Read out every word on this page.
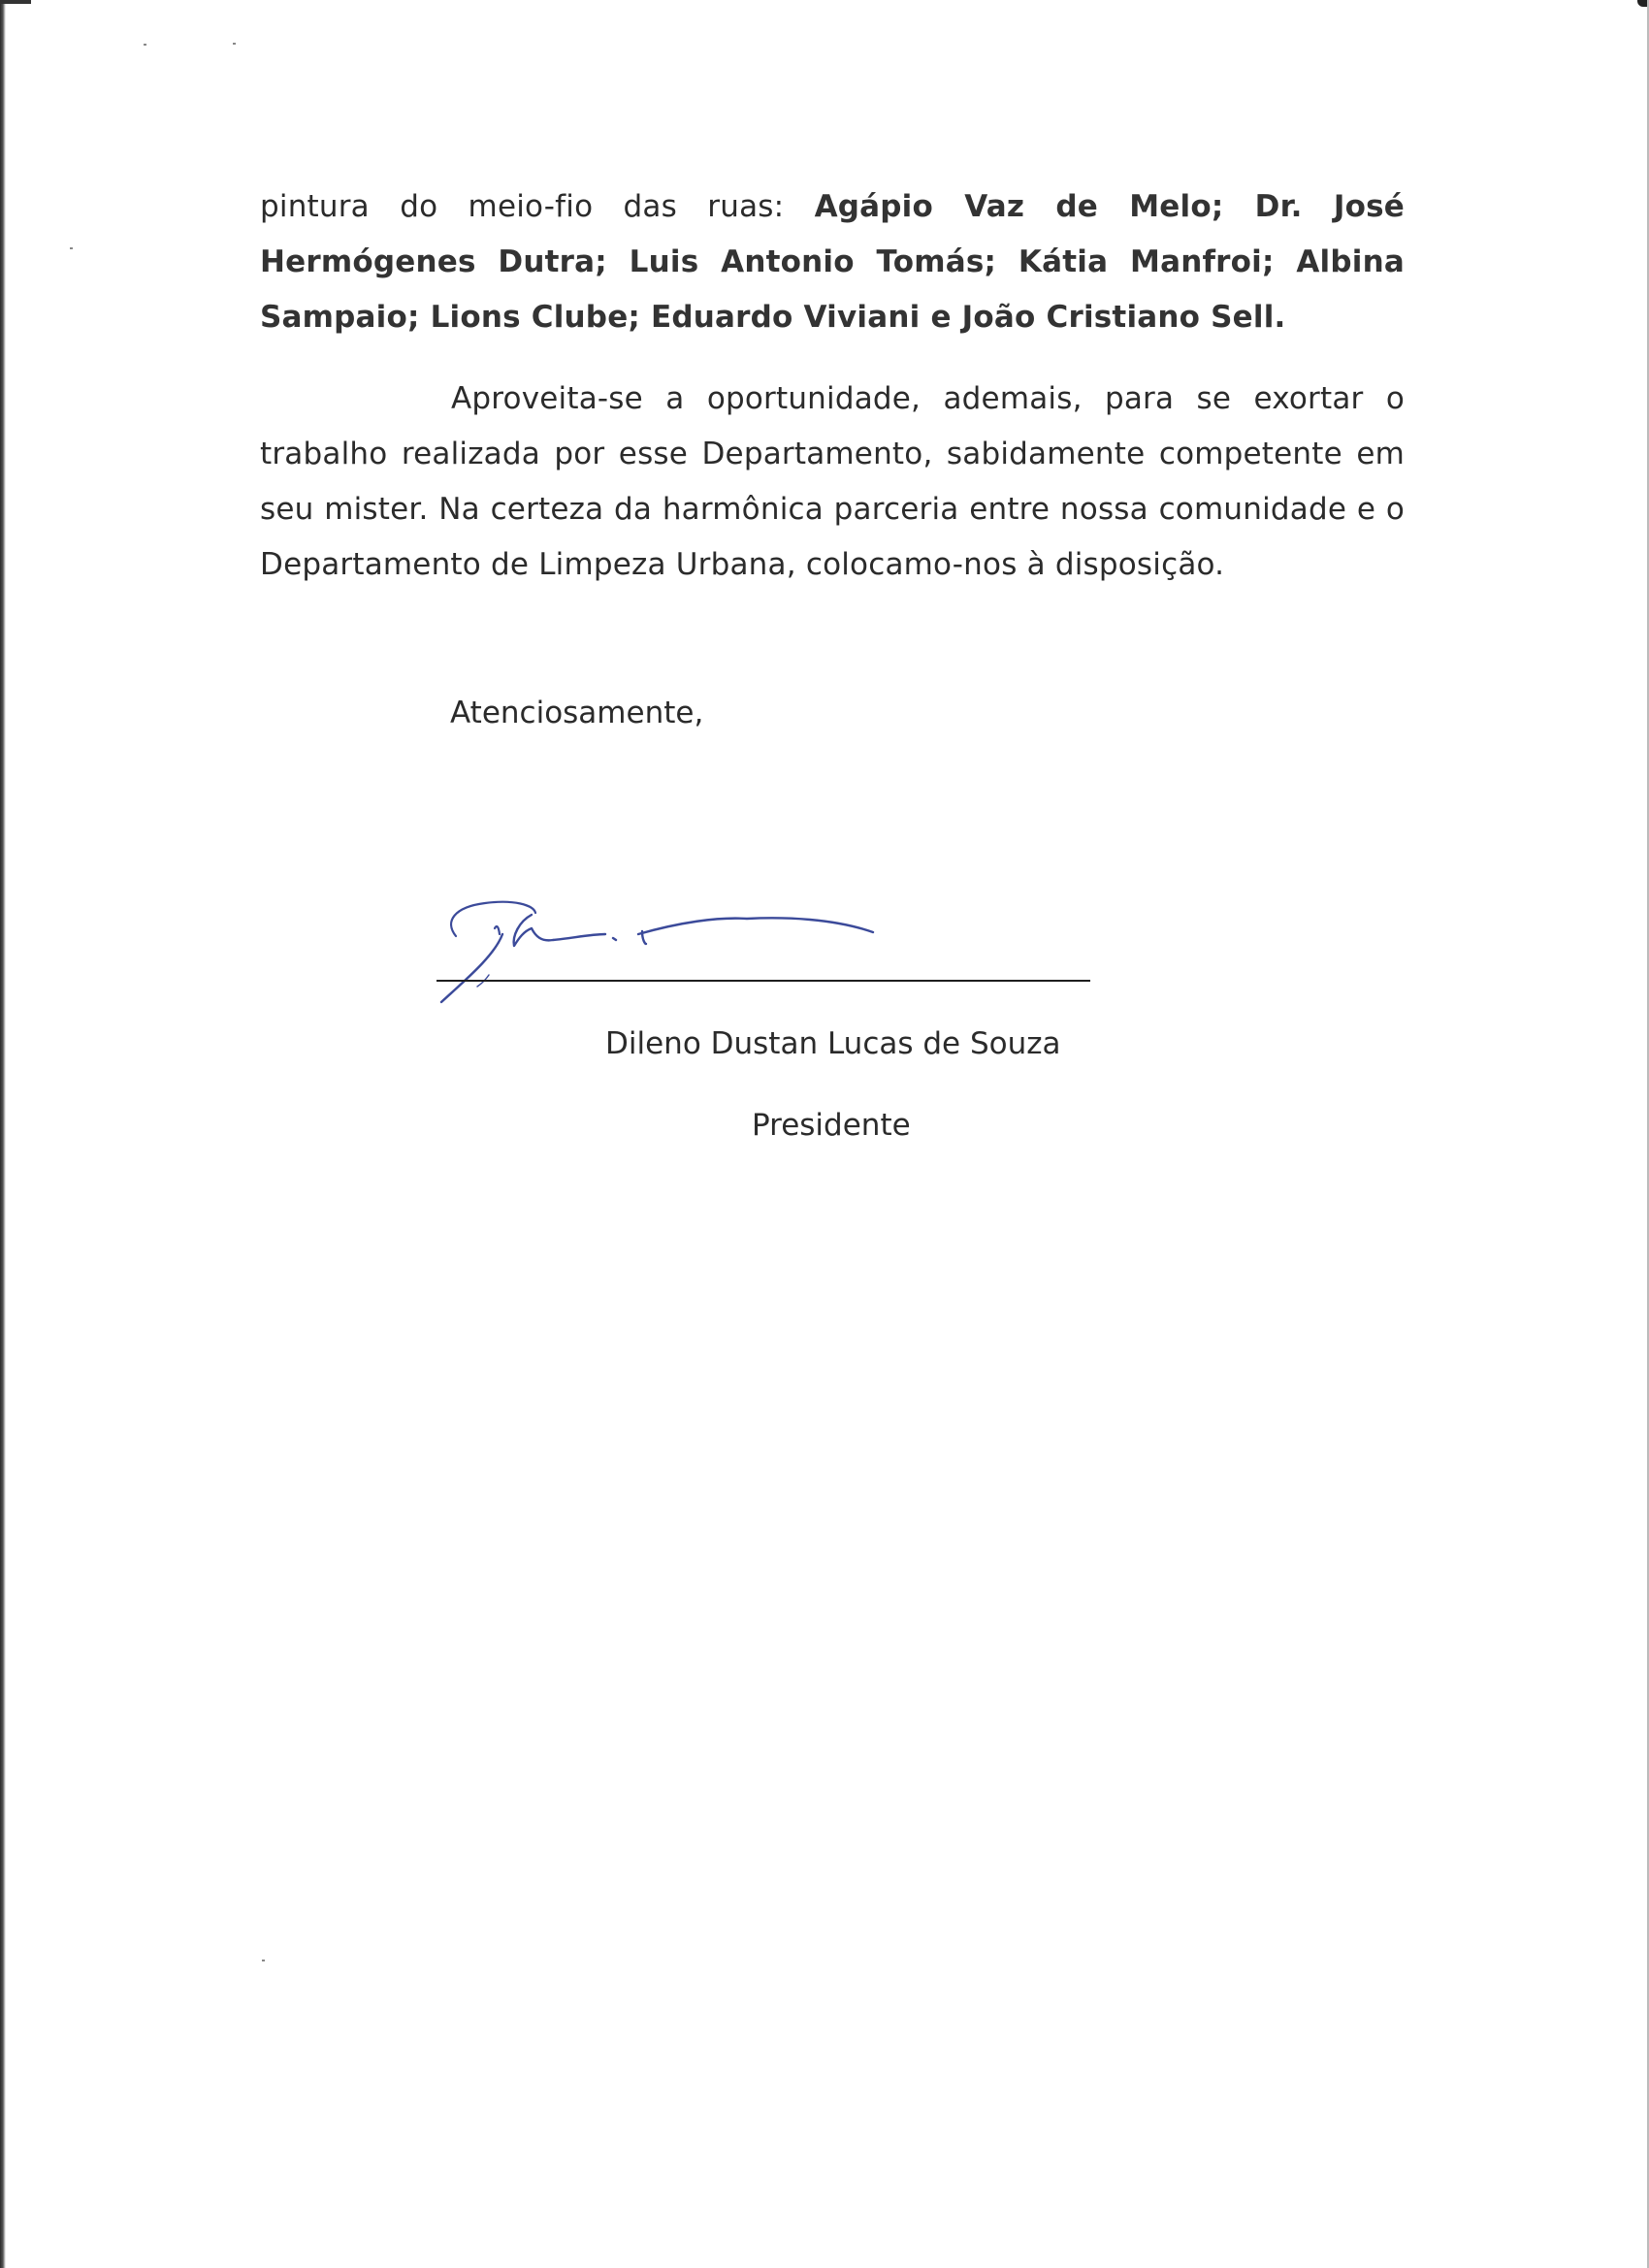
pintura do meio-fio das ruas: Agápio Vaz de Melo; Dr. José Hermógenes Dutra; Luis Antonio Tomás; Kátia Manfroi; Albina Sampaio; Lions Clube; Eduardo Viviani e João Cristiano Sell.

Aproveita-se a oportunidade, ademais, para se exortar o trabalho realizada por esse Departamento, sabidamente competente em seu mister. Na certeza da harmônica parceria entre nossa comunidade e o Departamento de Limpeza Urbana, colocamo-nos à disposição.

Atenciosamente,
Dileno Dustan Lucas de Souza
Presidente
